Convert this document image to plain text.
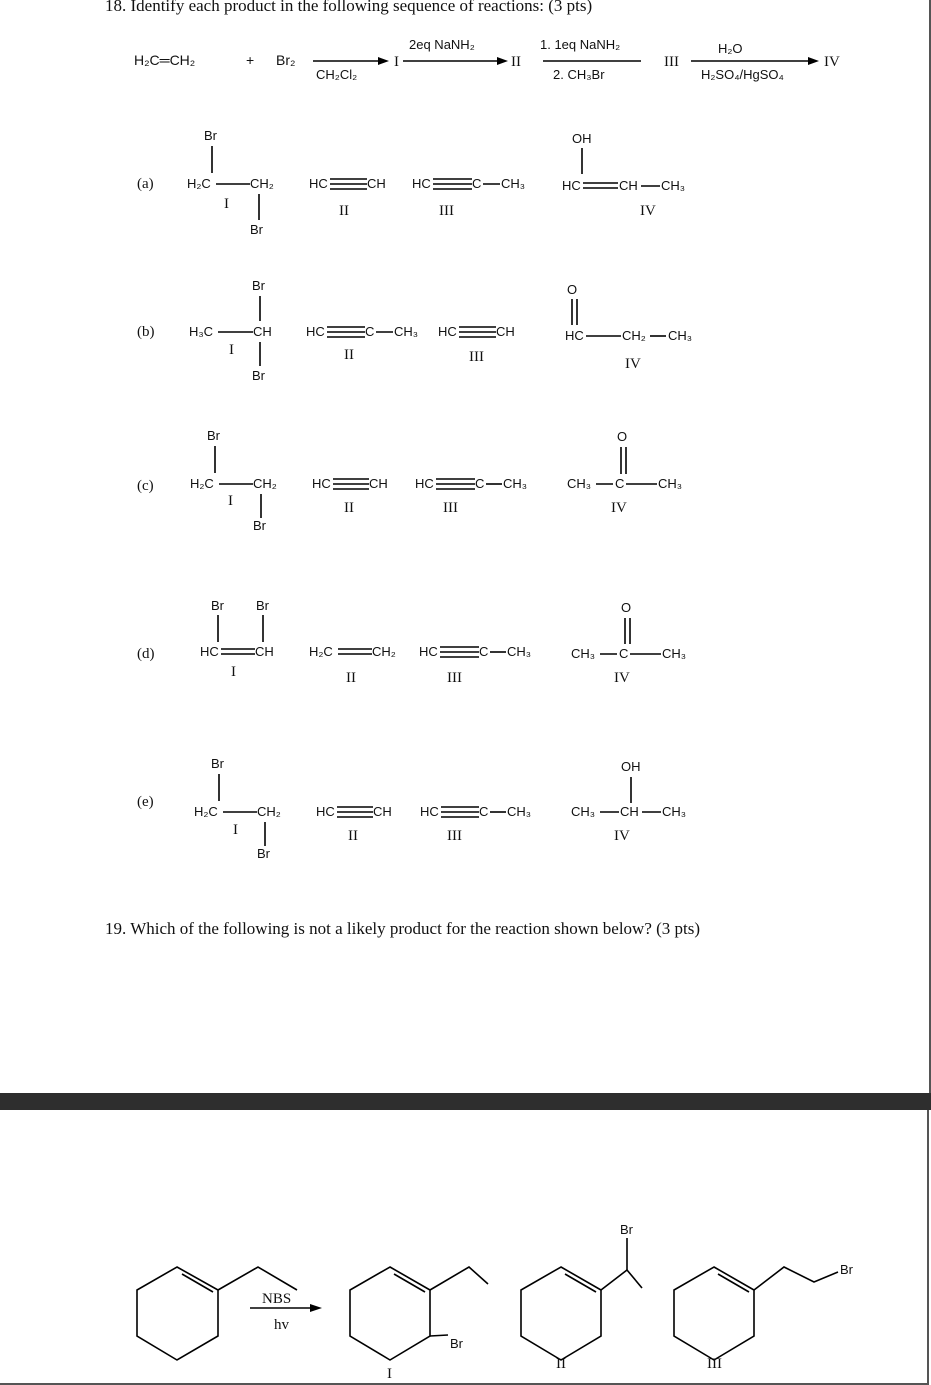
18. Identify each product in the following sequence of reactions: (3 pts)
H₂C═CH₂	+ Br₂
CH₂Cl₂
I
2eq NaNH₂
II
1. 1eq NaNH₂
2. CH₃Br
III
H₂O
H₂SO₄/HgSO₄
IV
(a)
Br
H₂C	CH₂
Br
I
HC	CH
II
HC	C CH₃
III
OH
HC	CH CH₃
IV
(b)	H₃C
Br
CH
Br
I
HC	C CH₃
II
HC	CH
III
O
HC	CH₂ CH₃
IV
(c)
Br
H₂C	CH₂
Br
I
HC	CH
II
HC	C CH₃
III
O
CH₃ C	CH₃
IV
(d)
Br Br
HC	CH
I
H₂C	CH₂
II
HC	C CH₃
III
O
CH₃ C	CH₃
IV
(e)
Br
H₂C	CH₂
Br
I
HC	CH
II
HC	C CH₃
III
OH
CH₃ CH CH₃
IV
19. Which of the following is not a likely product for the reaction shown below? (3 pts)
NBS
hv
Br
I
Br
II
Br
III
